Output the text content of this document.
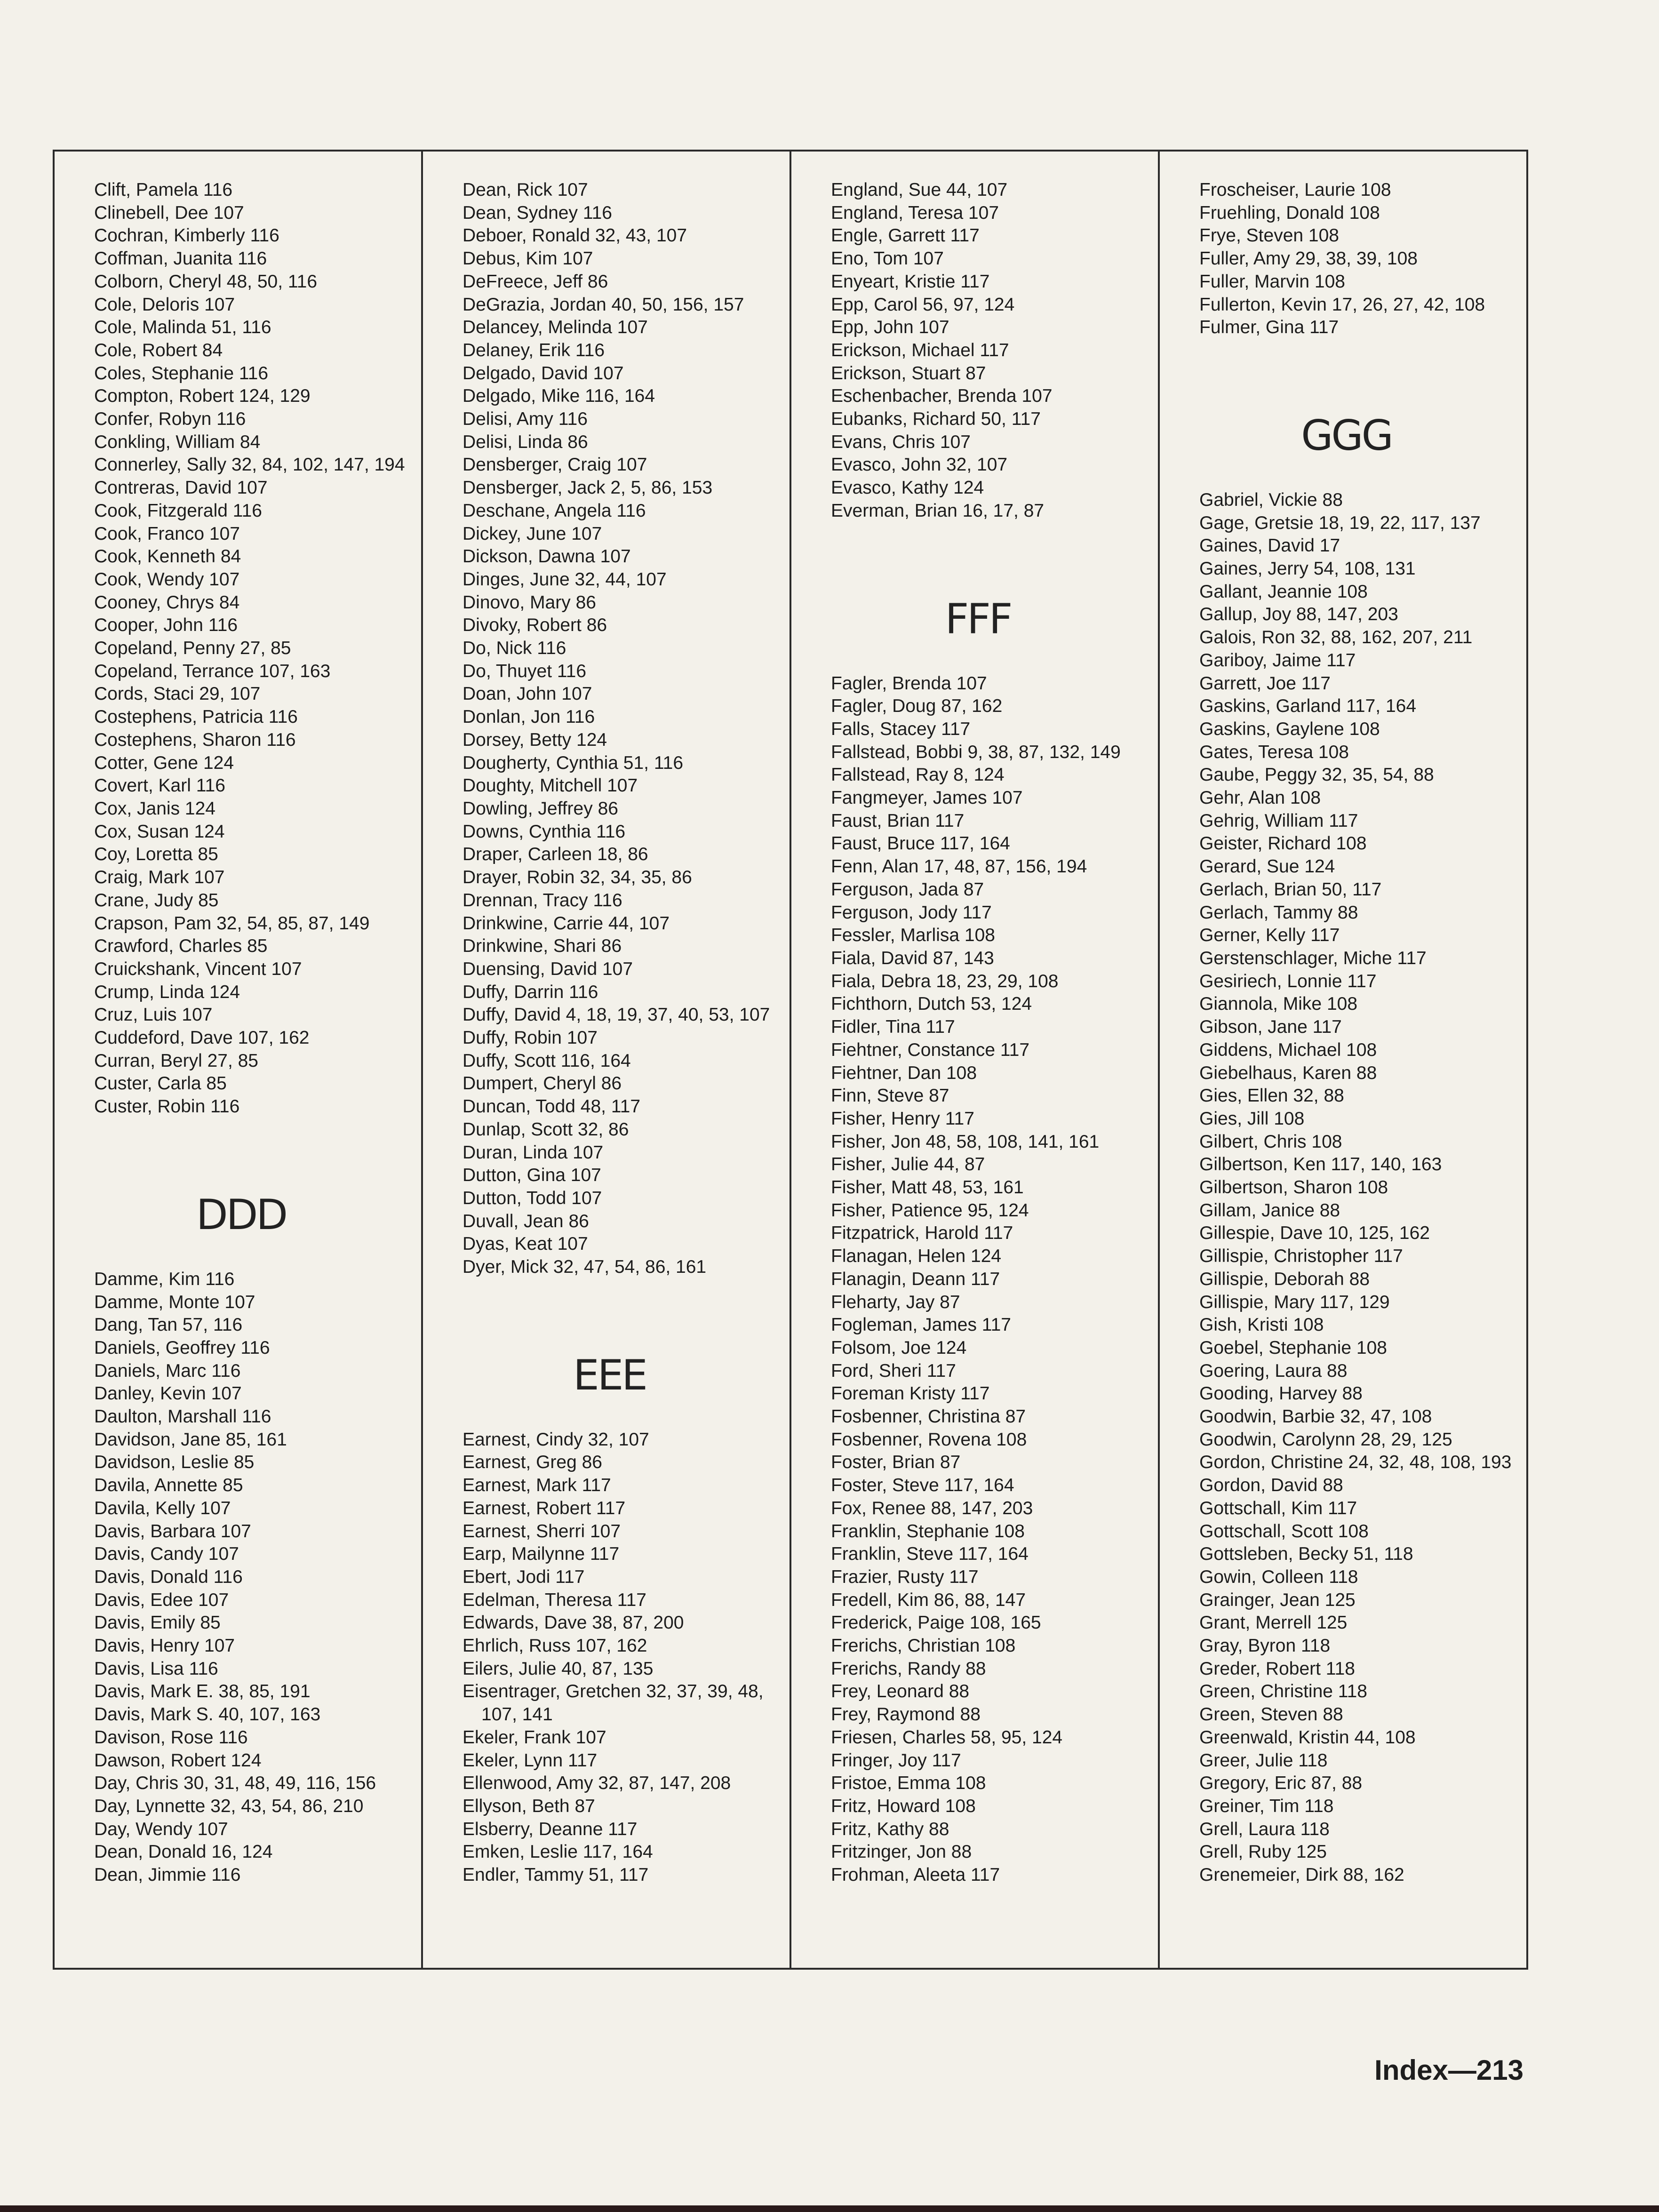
Clift, Pamela 116
Clinebell, Dee 107
Cochran, Kimberly 116
Coffman, Juanita 116
Colborn, Cheryl 48, 50, 116
Cole, Deloris 107
Cole, Malinda 51, 116
Cole, Robert 84
Coles, Stephanie 116
Compton, Robert 124, 129
Confer, Robyn 116
Conkling, William 84
Connerley, Sally 32, 84, 102, 147, 194
Contreras, David 107
Cook, Fitzgerald 116
Cook, Franco 107
Cook, Kenneth 84
Cook, Wendy 107
Cooney, Chrys 84
Cooper, John 116
Copeland, Penny 27, 85
Copeland, Terrance 107, 163
Cords, Staci 29, 107
Costephens, Patricia 116
Costephens, Sharon 116
Cotter, Gene 124
Covert, Karl 116
Cox, Janis 124
Cox, Susan 124
Coy, Loretta 85
Craig, Mark 107
Crane, Judy 85
Crapson, Pam 32, 54, 85, 87, 149
Crawford, Charles 85
Cruickshank, Vincent 107
Crump, Linda 124
Cruz, Luis 107
Cuddeford, Dave 107, 162
Curran, Beryl 27, 85
Custer, Carla 85
Custer, Robin 116
DDD
Damme, Kim 116
Damme, Monte 107
Dang, Tan 57, 116
Daniels, Geoffrey 116
Daniels, Marc 116
Danley, Kevin 107
Daulton, Marshall 116
Davidson, Jane 85, 161
Davidson, Leslie 85
Davila, Annette 85
Davila, Kelly 107
Davis, Barbara 107
Davis, Candy 107
Davis, Donald 116
Davis, Edee 107
Davis, Emily 85
Davis, Henry 107
Davis, Lisa 116
Davis, Mark E. 38, 85, 191
Davis, Mark S. 40, 107, 163
Davison, Rose 116
Dawson, Robert 124
Day, Chris 30, 31, 48, 49, 116, 156
Day, Lynnette 32, 43, 54, 86, 210
Day, Wendy 107
Dean, Donald 16, 124
Dean, Jimmie 116
Dean, Rick 107
Dean, Sydney 116
Deboer, Ronald 32, 43, 107
Debus, Kim 107
DeFreece, Jeff 86
DeGrazia, Jordan 40, 50, 156, 157
Delancey, Melinda 107
Delaney, Erik 116
Delgado, David 107
Delgado, Mike 116, 164
Delisi, Amy 116
Delisi, Linda 86
Densberger, Craig 107
Densberger, Jack 2, 5, 86, 153
Deschane, Angela 116
Dickey, June 107
Dickson, Dawna 107
Dinges, June 32, 44, 107
Dinovo, Mary 86
Divoky, Robert 86
Do, Nick 116
Do, Thuyet 116
Doan, John 107
Donlan, Jon 116
Dorsey, Betty 124
Dougherty, Cynthia 51, 116
Doughty, Mitchell 107
Dowling, Jeffrey 86
Downs, Cynthia 116
Draper, Carleen 18, 86
Drayer, Robin 32, 34, 35, 86
Drennan, Tracy 116
Drinkwine, Carrie 44, 107
Drinkwine, Shari 86
Duensing, David 107
Duffy, Darrin 116
Duffy, David 4, 18, 19, 37, 40, 53, 107
Duffy, Robin 107
Duffy, Scott 116, 164
Dumpert, Cheryl 86
Duncan, Todd 48, 117
Dunlap, Scott 32, 86
Duran, Linda 107
Dutton, Gina 107
Dutton, Todd 107
Duvall, Jean 86
Dyas, Keat 107
Dyer, Mick 32, 47, 54, 86, 161
EEE
Earnest, Cindy 32, 107
Earnest, Greg 86
Earnest, Mark 117
Earnest, Robert 117
Earnest, Sherri 107
Earp, Mailynne 117
Ebert, Jodi 117
Edelman, Theresa 117
Edwards, Dave 38, 87, 200
Ehrlich, Russ 107, 162
Eilers, Julie 40, 87, 135
Eisentrager, Gretchen 32, 37, 39, 48, 107, 141
Ekeler, Frank 107
Ekeler, Lynn 117
Ellenwood, Amy 32, 87, 147, 208
Ellyson, Beth 87
Elsberry, Deanne 117
Emken, Leslie 117, 164
Endler, Tammy 51, 117
England, Sue 44, 107
England, Teresa 107
Engle, Garrett 117
Eno, Tom 107
Enyeart, Kristie 117
Epp, Carol 56, 97, 124
Epp, John 107
Erickson, Michael 117
Erickson, Stuart 87
Eschenbacher, Brenda 107
Eubanks, Richard 50, 117
Evans, Chris 107
Evasco, John 32, 107
Evasco, Kathy 124
Everman, Brian 16, 17, 87
FFF
Fagler, Brenda 107
Fagler, Doug 87, 162
Falls, Stacey 117
Fallstead, Bobbi 9, 38, 87, 132, 149
Fallstead, Ray 8, 124
Fangmeyer, James 107
Faust, Brian 117
Faust, Bruce 117, 164
Fenn, Alan 17, 48, 87, 156, 194
Ferguson, Jada 87
Ferguson, Jody 117
Fessler, Marlisa 108
Fiala, David 87, 143
Fiala, Debra 18, 23, 29, 108
Fichthorn, Dutch 53, 124
Fidler, Tina 117
Fiehtner, Constance 117
Fiehtner, Dan 108
Finn, Steve 87
Fisher, Henry 117
Fisher, Jon 48, 58, 108, 141, 161
Fisher, Julie 44, 87
Fisher, Matt 48, 53, 161
Fisher, Patience 95, 124
Fitzpatrick, Harold 117
Flanagan, Helen 124
Flanagin, Deann 117
Fleharty, Jay 87
Fogleman, James 117
Folsom, Joe 124
Ford, Sheri 117
Foreman Kristy 117
Fosbenner, Christina 87
Fosbenner, Rovena 108
Foster, Brian 87
Foster, Steve 117, 164
Fox, Renee 88, 147, 203
Franklin, Stephanie 108
Franklin, Steve 117, 164
Frazier, Rusty 117
Fredell, Kim 86, 88, 147
Frederick, Paige 108, 165
Frerichs, Christian 108
Frerichs, Randy 88
Frey, Leonard 88
Frey, Raymond 88
Friesen, Charles 58, 95, 124
Fringer, Joy 117
Fristoe, Emma 108
Fritz, Howard 108
Fritz, Kathy 88
Fritzinger, Jon 88
Frohman, Aleeta 117
Froscheiser, Laurie 108
Fruehling, Donald 108
Frye, Steven 108
Fuller, Amy 29, 38, 39, 108
Fuller, Marvin 108
Fullerton, Kevin 17, 26, 27, 42, 108
Fulmer, Gina 117
GGG
Gabriel, Vickie 88
Gage, Gretsie 18, 19, 22, 117, 137
Gaines, David 17
Gaines, Jerry 54, 108, 131
Gallant, Jeannie 108
Gallup, Joy 88, 147, 203
Galois, Ron 32, 88, 162, 207, 211
Gariboy, Jaime 117
Garrett, Joe 117
Gaskins, Garland 117, 164
Gaskins, Gaylene 108
Gates, Teresa 108
Gaube, Peggy 32, 35, 54, 88
Gehr, Alan 108
Gehrig, William 117
Geister, Richard 108
Gerard, Sue 124
Gerlach, Brian 50, 117
Gerlach, Tammy 88
Gerner, Kelly 117
Gerstenschlager, Miche 117
Gesiriech, Lonnie 117
Giannola, Mike 108
Gibson, Jane 117
Giddens, Michael 108
Giebelhaus, Karen 88
Gies, Ellen 32, 88
Gies, Jill 108
Gilbert, Chris 108
Gilbertson, Ken 117, 140, 163
Gilbertson, Sharon 108
Gillam, Janice 88
Gillespie, Dave 10, 125, 162
Gillispie, Christopher 117
Gillispie, Deborah 88
Gillispie, Mary 117, 129
Gish, Kristi 108
Goebel, Stephanie 108
Goering, Laura 88
Gooding, Harvey 88
Goodwin, Barbie 32, 47, 108
Goodwin, Carolynn 28, 29, 125
Gordon, Christine 24, 32, 48, 108, 193
Gordon, David 88
Gottschall, Kim 117
Gottschall, Scott 108
Gottsleben, Becky 51, 118
Gowin, Colleen 118
Grainger, Jean 125
Grant, Merrell 125
Gray, Byron 118
Greder, Robert 118
Green, Christine 118
Green, Steven 88
Greenwald, Kristin 44, 108
Greer, Julie 118
Gregory, Eric 87, 88
Greiner, Tim 118
Grell, Laura 118
Grell, Ruby 125
Grenemeier, Dirk 88, 162
Index—213
